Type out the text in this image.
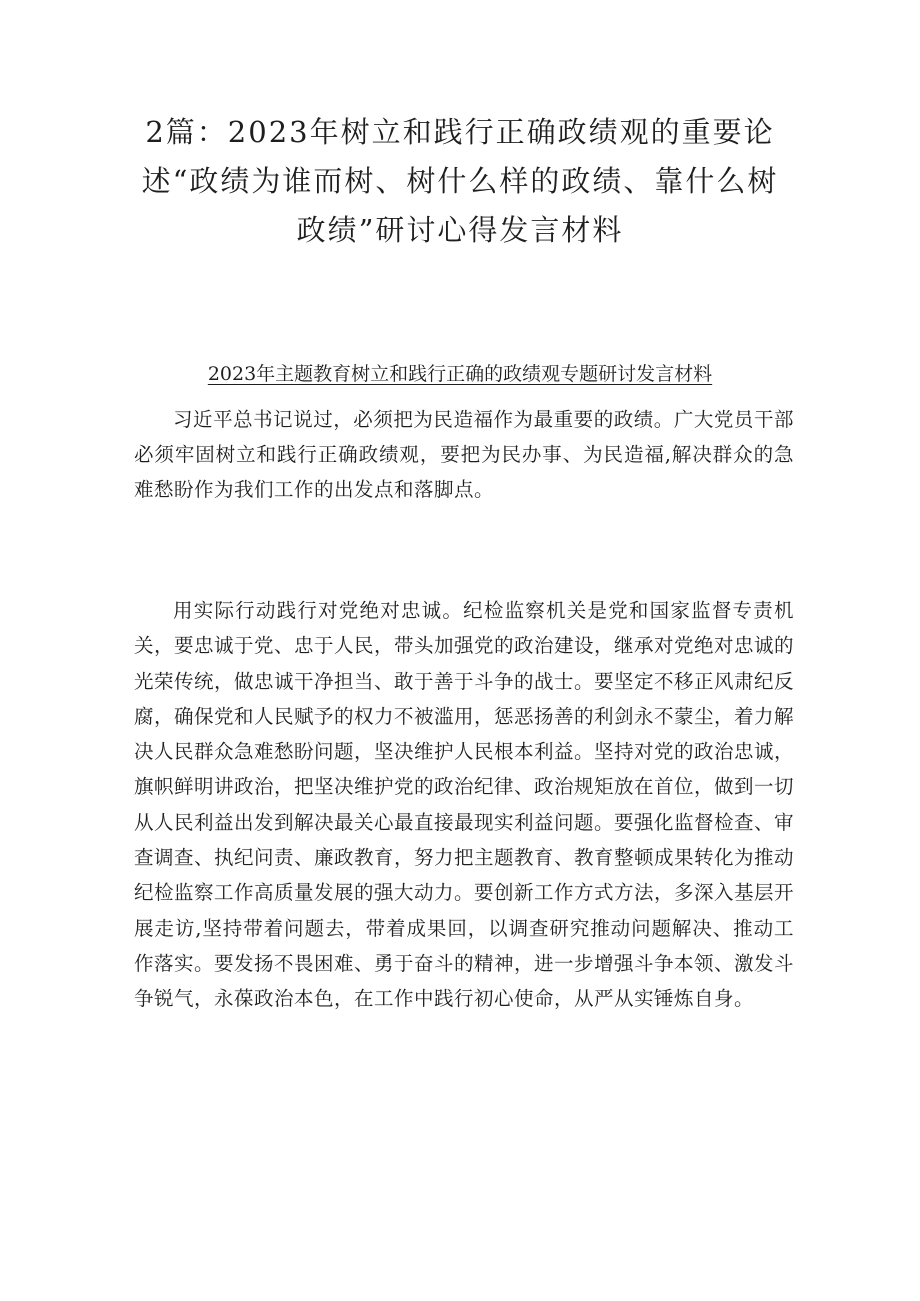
2篇：2023年树立和践行正确政绩观的重要论述“政绩为谁而树、树什么样的政绩、靠什么树政绩”研讨心得发言材料

2023年主题教育树立和践行正确的政绩观专题研讨发言材料

习近平总书记说过，必须把为民造福作为最重要的政绩。广大党员干部必须牢固树立和践行正确政绩观，要把为民办事、为民造福,解决群众的急难愁盼作为我们工作的出发点和落脚点。

用实际行动践行对党绝对忠诚。纪检监察机关是党和国家监督专责机关，要忠诚于党、忠于人民，带头加强党的政治建设，继承对党绝对忠诚的光荣传统，做忠诚干净担当、敢于善于斗争的战士。要坚定不移正风肃纪反腐，确保党和人民赋予的权力不被滥用，惩恶扬善的利剑永不蒙尘，着力解决人民群众急难愁盼问题，坚决维护人民根本利益。坚持对党的政治忠诚，旗帜鲜明讲政治，把坚决维护党的政治纪律、政治规矩放在首位，做到一切从人民利益出发到解决最关心最直接最现实利益问题。要强化监督检查、审查调查、执纪问责、廉政教育，努力把主题教育、教育整顿成果转化为推动纪检监察工作高质量发展的强大动力。要创新工作方式方法，多深入基层开展走访,坚持带着问题去，带着成果回，以调查研究推动问题解决、推动工作落实。要发扬不畏困难、勇于奋斗的精神，进一步增强斗争本领、激发斗争锐气，永葆政治本色，在工作中践行初心使命，从严从实锤炼自身。
